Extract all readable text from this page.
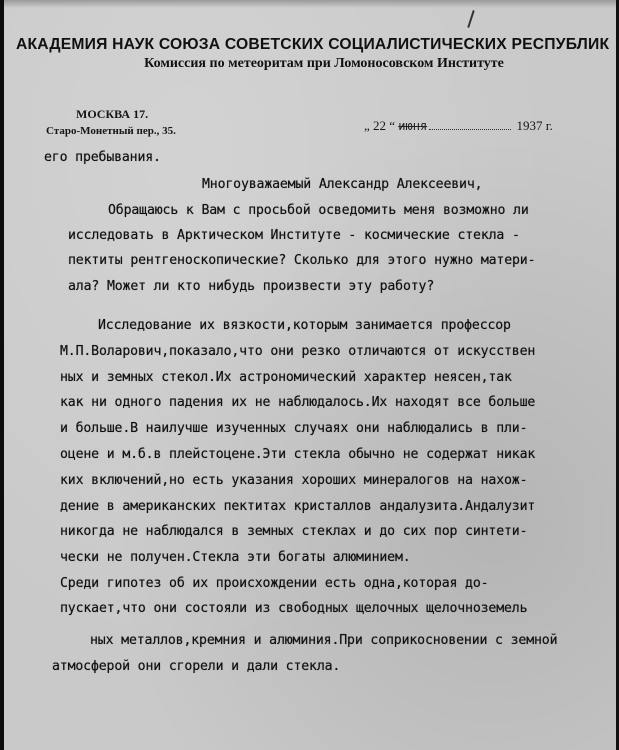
АКАДЕМИЯ НАУК СОЮЗА СОВЕТСКИХ СОЦИАЛИСТИЧЕСКИХ РЕСПУБЛИК
Комиссия по метеоритам при Ломоносовском Институте
МОСКВА 17.
Старо-Монетный пер., 35.	„ 22 “ июня	1937 г.
его пребывания.
Многоуважаемый Александр Алексеевич,
Обращаюсь к Вам с просьбой осведомить меня возможно ли
исследовать в Арктическом Институте - космические стекла -
пектиты рентгеноскопические? Сколько для этого нужно матери-
ала? Может ли кто нибудь произвести эту работу?
Исследование их вязкости,которым занимается профессор
М.П.Воларович,показало,что они резко отличаются от искусствен
ных и земных стекол.Их астрономический характер неясен,так
как ни одного падения их не наблюдалось.Их находят все больше
и больше.В наилучше изученных случаях они наблюдались в пли-
оцене и м.б.в плейстоцене.Эти стекла обычно не содержат никак
ких включений,но есть указания хороших минералогов на нахож-
дение в американских пектитах кристаллов андалузита.Андалузит
никогда не наблюдался в земных стеклах и до сих пор синтети-
чески не получен.Стекла эти богаты алюминием.
Среди гипотез об их происхождении есть одна,которая до-
пускает,что они состояли из свободных щелочных щелочноземель
ных металлов,кремния и алюминия.При соприкосновении с земной
атмосферой они сгорели и дали стекла.
